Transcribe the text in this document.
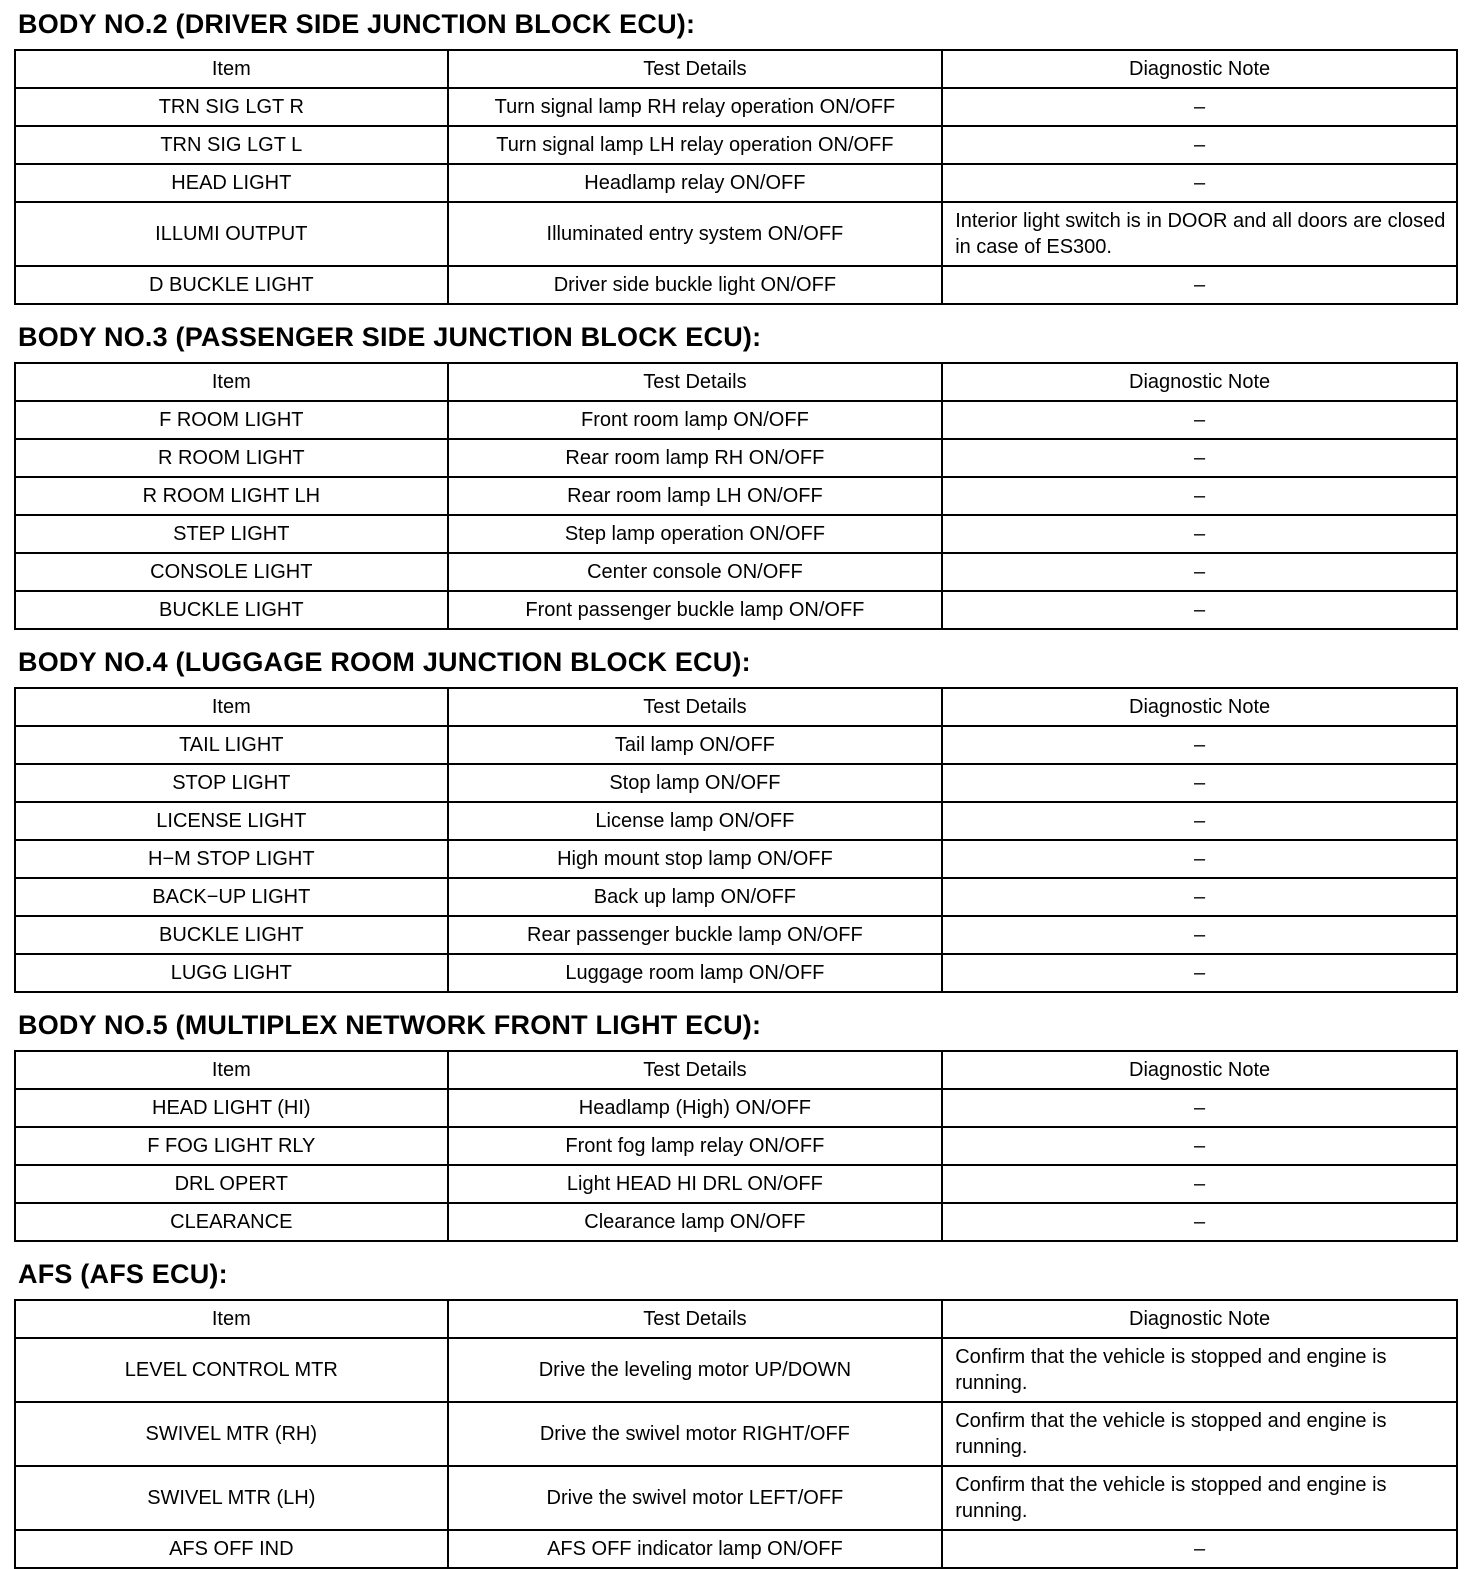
BODY NO.2 (DRIVER SIDE JUNCTION BLOCK ECU):
Item	Test Details	Diagnostic Note
TRN SIG LGT R	Turn signal lamp RH relay operation ON/OFF	–
TRN SIG LGT L	Turn signal lamp LH relay operation ON/OFF	–
HEAD LIGHT	Headlamp relay ON/OFF	–
ILLUMI OUTPUT	Illuminated entry system ON/OFF	Interior light switch is in DOOR and all doors are closed in case of ES300.
D BUCKLE LIGHT	Driver side buckle light ON/OFF	–
BODY NO.3 (PASSENGER SIDE JUNCTION BLOCK ECU):
Item	Test Details	Diagnostic Note
F ROOM LIGHT	Front room lamp ON/OFF	–
R ROOM LIGHT	Rear room lamp RH ON/OFF	–
R ROOM LIGHT LH	Rear room lamp LH ON/OFF	–
STEP LIGHT	Step lamp operation ON/OFF	–
CONSOLE LIGHT	Center console ON/OFF	–
BUCKLE LIGHT	Front passenger buckle lamp ON/OFF	–
BODY NO.4 (LUGGAGE ROOM JUNCTION BLOCK ECU):
Item	Test Details	Diagnostic Note
TAIL LIGHT	Tail lamp ON/OFF	–
STOP LIGHT	Stop lamp ON/OFF	–
LICENSE LIGHT	License lamp ON/OFF	–
H−M STOP LIGHT	High mount stop lamp ON/OFF	–
BACK−UP LIGHT	Back up lamp ON/OFF	–
BUCKLE LIGHT	Rear passenger buckle lamp ON/OFF	–
LUGG LIGHT	Luggage room lamp ON/OFF	–
BODY NO.5 (MULTIPLEX NETWORK FRONT LIGHT ECU):
Item	Test Details	Diagnostic Note
HEAD LIGHT (HI)	Headlamp (High) ON/OFF	–
F FOG LIGHT RLY	Front fog lamp relay ON/OFF	–
DRL OPERT	Light HEAD HI DRL ON/OFF	–
CLEARANCE	Clearance lamp ON/OFF	–
AFS (AFS ECU):
Item	Test Details	Diagnostic Note
LEVEL CONTROL MTR	Drive the leveling motor UP/DOWN	Confirm that the vehicle is stopped and engine is running.
SWIVEL MTR (RH)	Drive the swivel motor RIGHT/OFF	Confirm that the vehicle is stopped and engine is running.
SWIVEL MTR (LH)	Drive the swivel motor LEFT/OFF	Confirm that the vehicle is stopped and engine is running.
AFS OFF IND	AFS OFF indicator lamp ON/OFF	–
